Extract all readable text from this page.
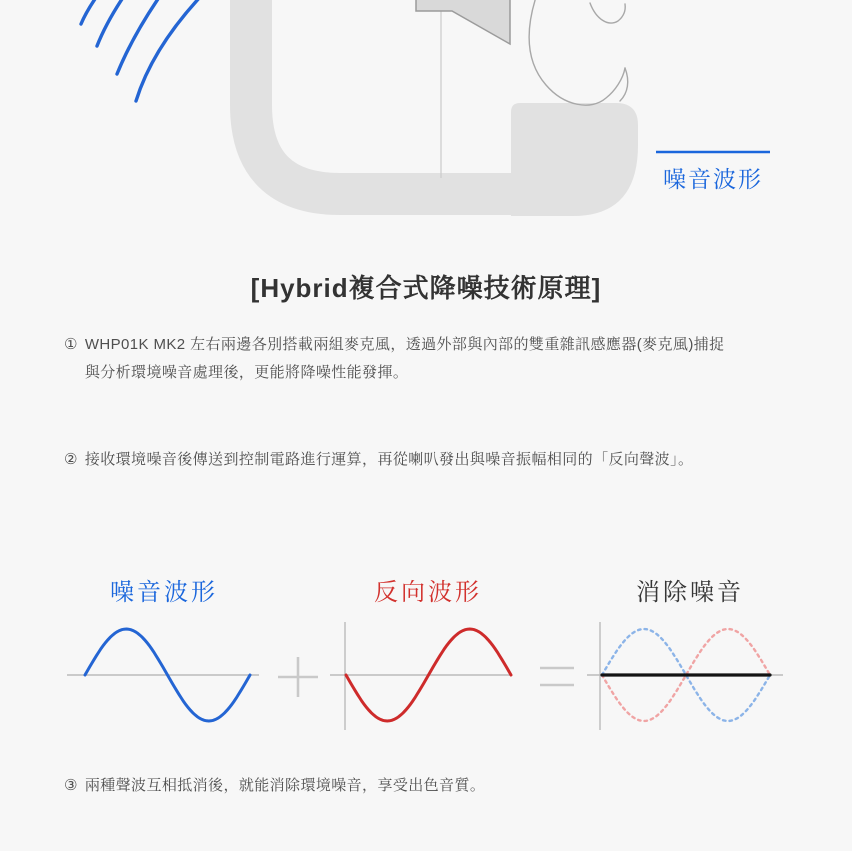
噪音波形
[Hybrid複合式降噪技術原理]
① WHP01K MK2 左右兩邊各別搭載兩組麥克風，透過外部與內部的雙重雜訊感應器(麥克風)捕捉
與分析環境噪音處理後，更能將降噪性能發揮。
② 接收環境噪音後傳送到控制電路進行運算，再從喇叭發出與噪音振幅相同的「反向聲波」。
③ 兩種聲波互相抵消後，就能消除環境噪音，享受出色音質。
噪音波形	反向波形	消除噪音
